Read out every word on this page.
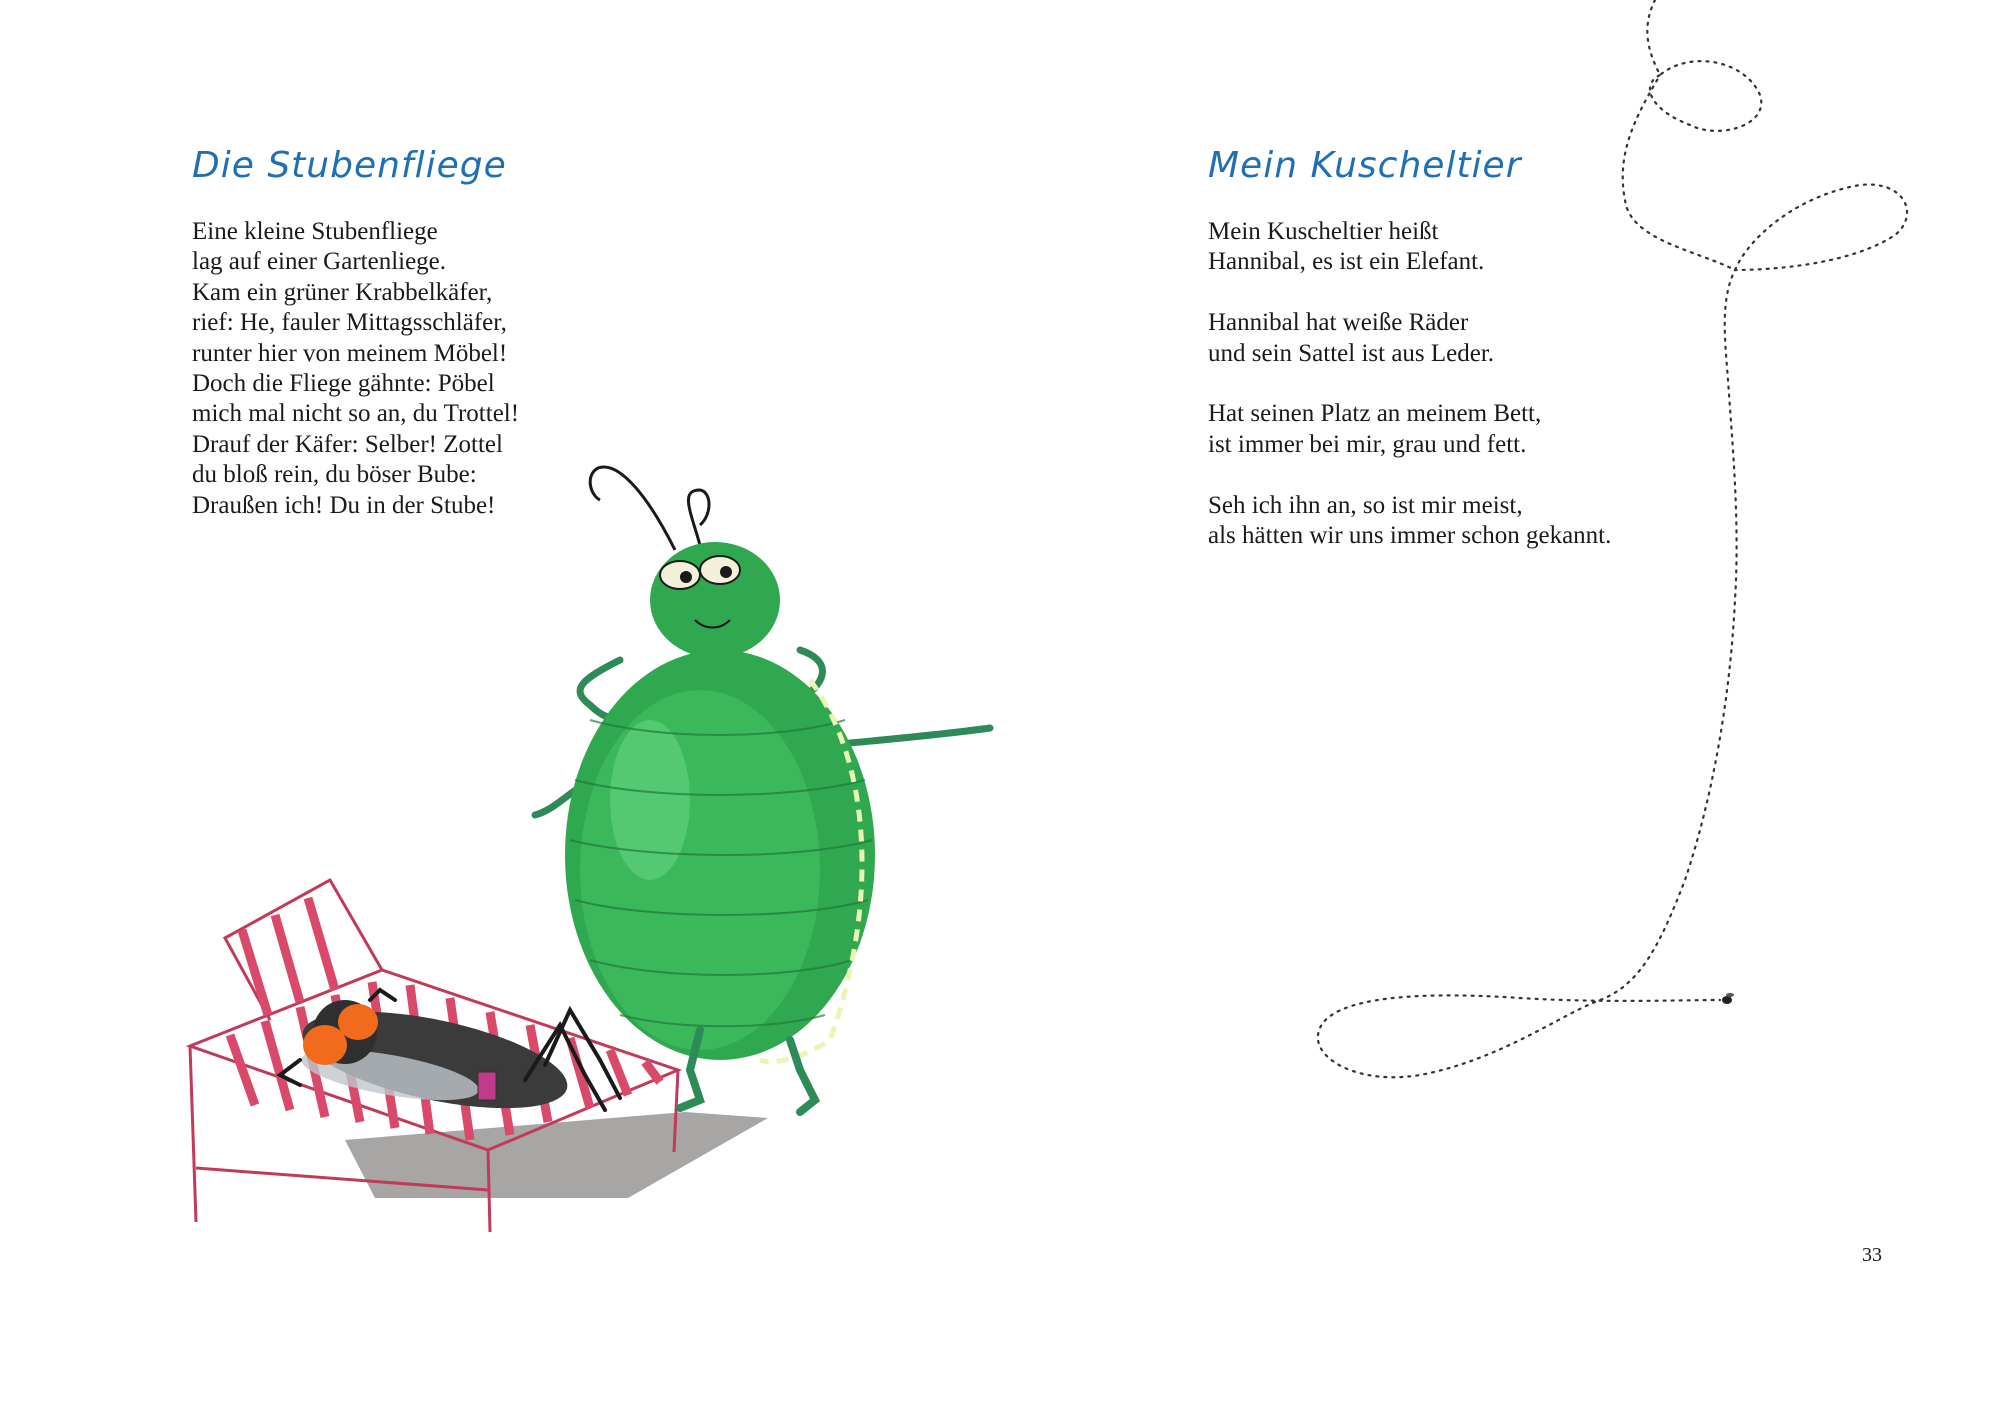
Die Stubenfliege
Eine kleine Stubenfliege
lag auf einer Gartenliege.
Kam ein grüner Krabbelkäfer,
rief: He, fauler Mittagsschläfer,
runter hier von meinem Möbel!
Doch die Fliege gähnte: Pöbel
mich mal nicht so an, du Trottel!
Drauf der Käfer: Selber! Zottel
du bloß rein, du böser Bube:
Draußen ich! Du in der Stube!
Mein Kuscheltier
Mein Kuscheltier heißt
Hannibal, es ist ein Elefant.
Hannibal hat weiße Räder
und sein Sattel ist aus Leder.
Hat seinen Platz an meinem Bett,
ist immer bei mir, grau und fett.
Seh ich ihn an, so ist mir meist,
als hätten wir uns immer schon gekannt.
33
